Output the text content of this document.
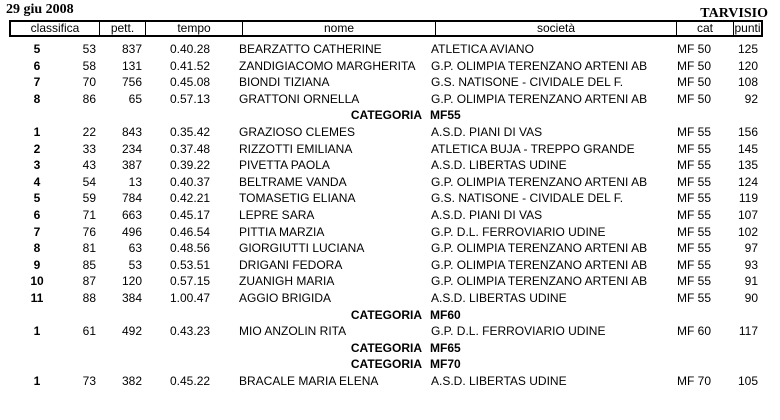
29 giu 2008	TARVISIO
classifica	pett.	tempo	nome	società	cat	punti
5	53	837 0.40.28	BEARZATTO CATHERINE	ATLETICA AVIANO	MF 50	125
6	58	131 0.41.52	ZANDIGIACOMO MARGHERITA	G.P. OLIMPIA TERENZANO ARTENI AB	MF 50	120
7	70	756 0.45.08	BIONDI TIZIANA	G.S. NATISONE - CIVIDALE DEL F.	MF 50	108
8	86	65 0.57.13	GRATTONI ORNELLA	G.P. OLIMPIA TERENZANO ARTENI AB	MF 50	92
CATEGORIA MF55
1	22	843 0.35.42	GRAZIOSO CLEMES	A.S.D. PIANI DI VAS	MF 55	156
2	33	234 0.37.48	RIZZOTTI EMILIANA	ATLETICA BUJA - TREPPO GRANDE	MF 55	145
3	43	387 0.39.22	PIVETTA PAOLA	A.S.D. LIBERTAS UDINE	MF 55	135
4	54	13 0.40.37	BELTRAME VANDA	G.P. OLIMPIA TERENZANO ARTENI AB	MF 55	124
5	59	784 0.42.21	TOMASETIG ELIANA	G.S. NATISONE - CIVIDALE DEL F.	MF 55	119
6	71	663 0.45.17	LEPRE SARA	A.S.D. PIANI DI VAS	MF 55	107
7	76	496 0.46.54	PITTIA MARZIA	G.P. D.L. FERROVIARIO UDINE	MF 55	102
8	81	63 0.48.56	GIORGIUTTI LUCIANA	G.P. OLIMPIA TERENZANO ARTENI AB	MF 55	97
9	85	53 0.53.51	DRIGANI FEDORA	G.P. OLIMPIA TERENZANO ARTENI AB	MF 55	93
10	87	120 0.57.15	ZUANIGH MARIA	G.P. OLIMPIA TERENZANO ARTENI AB	MF 55	91
11	88	384 1.00.47	AGGIO BRIGIDA	A.S.D. LIBERTAS UDINE	MF 55	90
CATEGORIA MF60
1	61	492 0.43.23	MIO ANZOLIN RITA	G.P. D.L. FERROVIARIO UDINE	MF 60	117
CATEGORIA MF65
CATEGORIA MF70
1	73	382 0.45.22	BRACALE MARIA ELENA	A.S.D. LIBERTAS UDINE	MF 70	105
